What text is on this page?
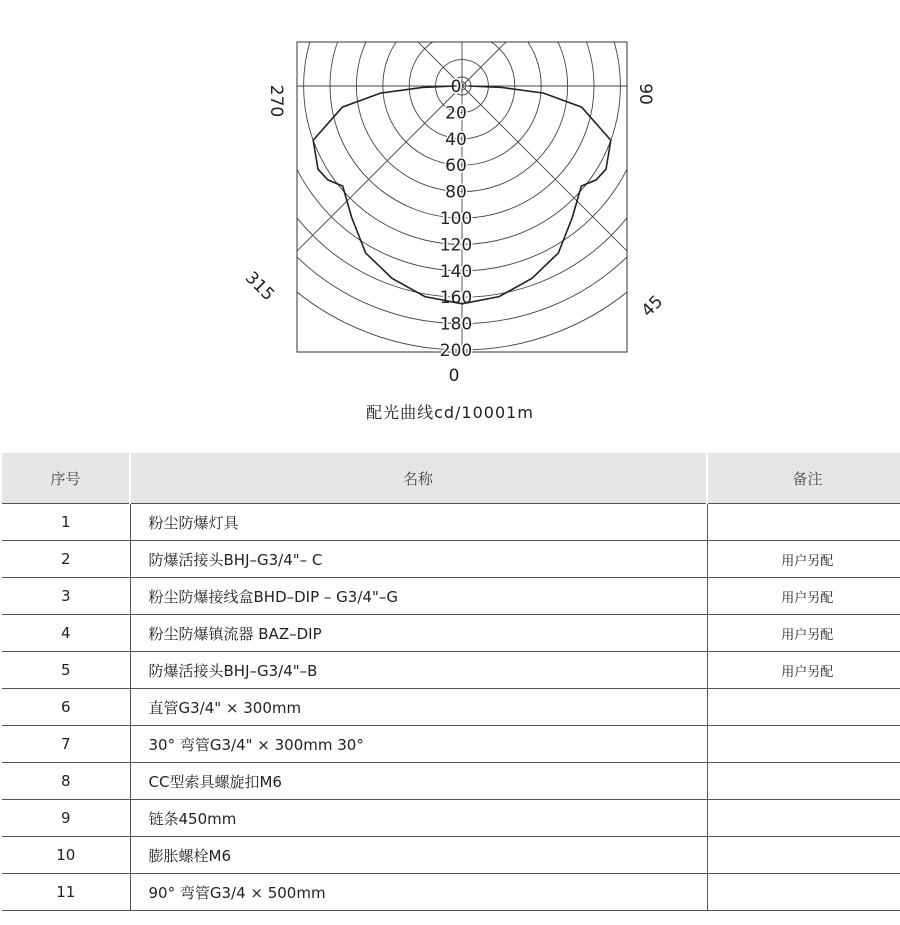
0
20
40
60
80
100
120
140
160
180
200
270	90
315
45
0
配光曲线cd/10001m
序号	名称	备注
1	粉尘防爆灯具	
2	防爆活接头BHJ–G3/4"– C	用户另配
3	粉尘防爆接线盒BHD–DIP – G3/4"–G	用户另配
4	粉尘防爆镇流器 BAZ–DIP	用户另配
5	防爆活接头BHJ–G3/4"–B	用户另配
6	直管G3/4" × 300mm	
7	30° 弯管G3/4" × 300mm 30°	
8	CC型索具螺旋扣M6	
9	链条450mm	
10	膨胀螺栓M6	
11	90° 弯管G3/4 × 500mm	
